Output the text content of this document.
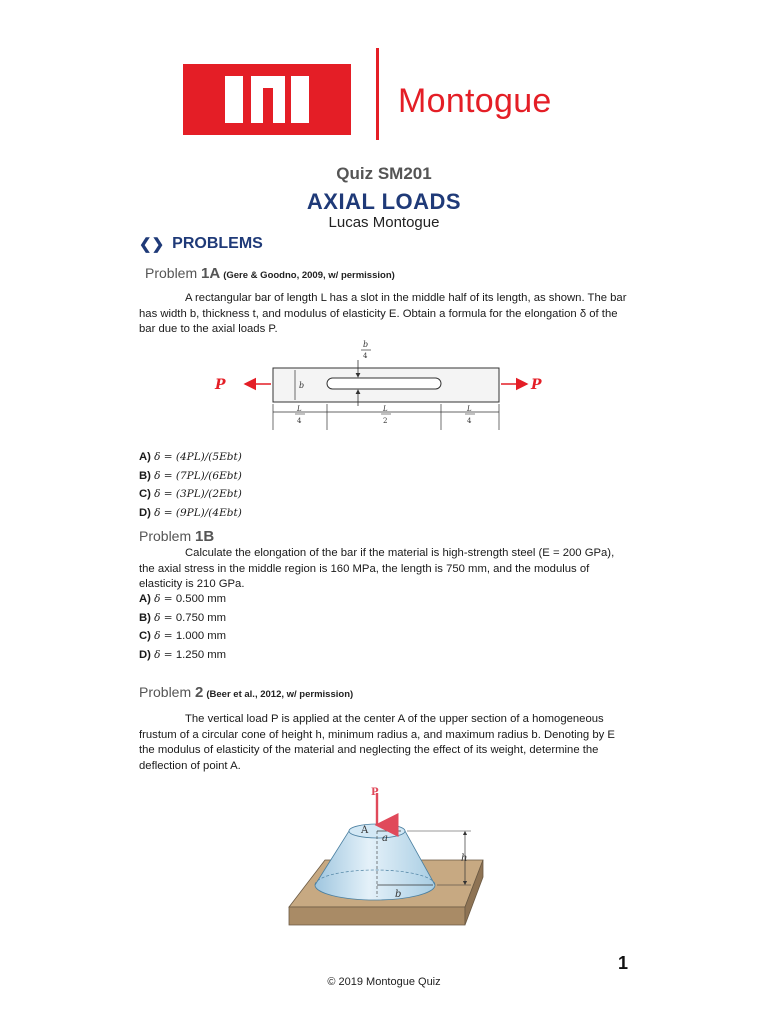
Montogue
Quiz SM201
AXIAL LOADS
Lucas Montogue
❮❯ PROBLEMS
Problem 1A (Gere & Goodno, 2009, w/ permission)
A rectangular bar of length L has a slot in the middle half of its length, as shown. The bar has width b, thickness t, and modulus of elasticity E. Obtain a formula for the elongation δ of the bar due to the axial loads P.
b
4
b
P	P
L
4
L
2
L
4
A) δ = (4PL)/(5Ebt)
B) δ = (7PL)/(6Ebt)
C) δ = (3PL)/(2Ebt)
D) δ = (9PL)/(4Ebt)
Problem 1B
Calculate the elongation of the bar if the material is high-strength steel (E = 200 GPa), the axial stress in the middle region is 160 MPa, the length is 750 mm, and the modulus of elasticity is 210 GPa.
A) δ = 0.500 mm
B) δ = 0.750 mm
C) δ = 1.000 mm
D) δ = 1.250 mm
Problem 2 (Beer et al., 2012, w/ permission)
The vertical load P is applied at the center A of the upper section of a homogeneous frustum of a circular cone of height h, minimum radius a, and maximum radius b. Denoting by E the modulus of elasticity of the material and neglecting the effect of its weight, determine the deflection of point A.
a
b
A
P
h
1
© 2019 Montogue Quiz
